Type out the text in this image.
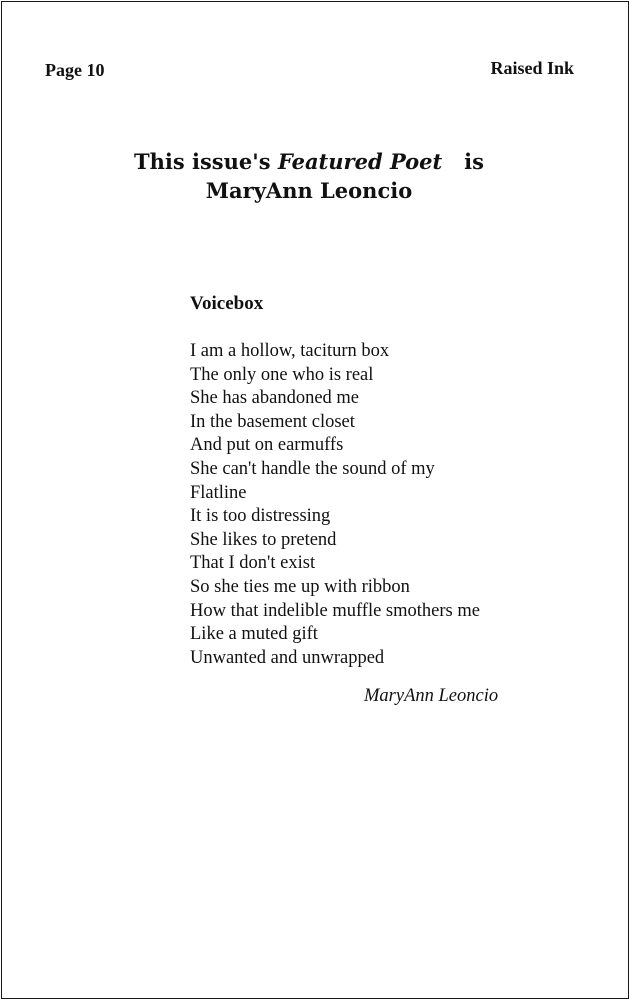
Page 10	Raised Ink
This issue's Featured Poet   is
MaryAnn Leoncio
Voicebox
I am a hollow, taciturn box
The only one who is real
She has abandoned me
In the basement closet
And put on earmuffs
She can't handle the sound of my
Flatline
It is too distressing
She likes to pretend
That I don't exist
So she ties me up with ribbon
How that indelible muffle smothers me
Like a muted gift
Unwanted and unwrapped
MaryAnn Leoncio
